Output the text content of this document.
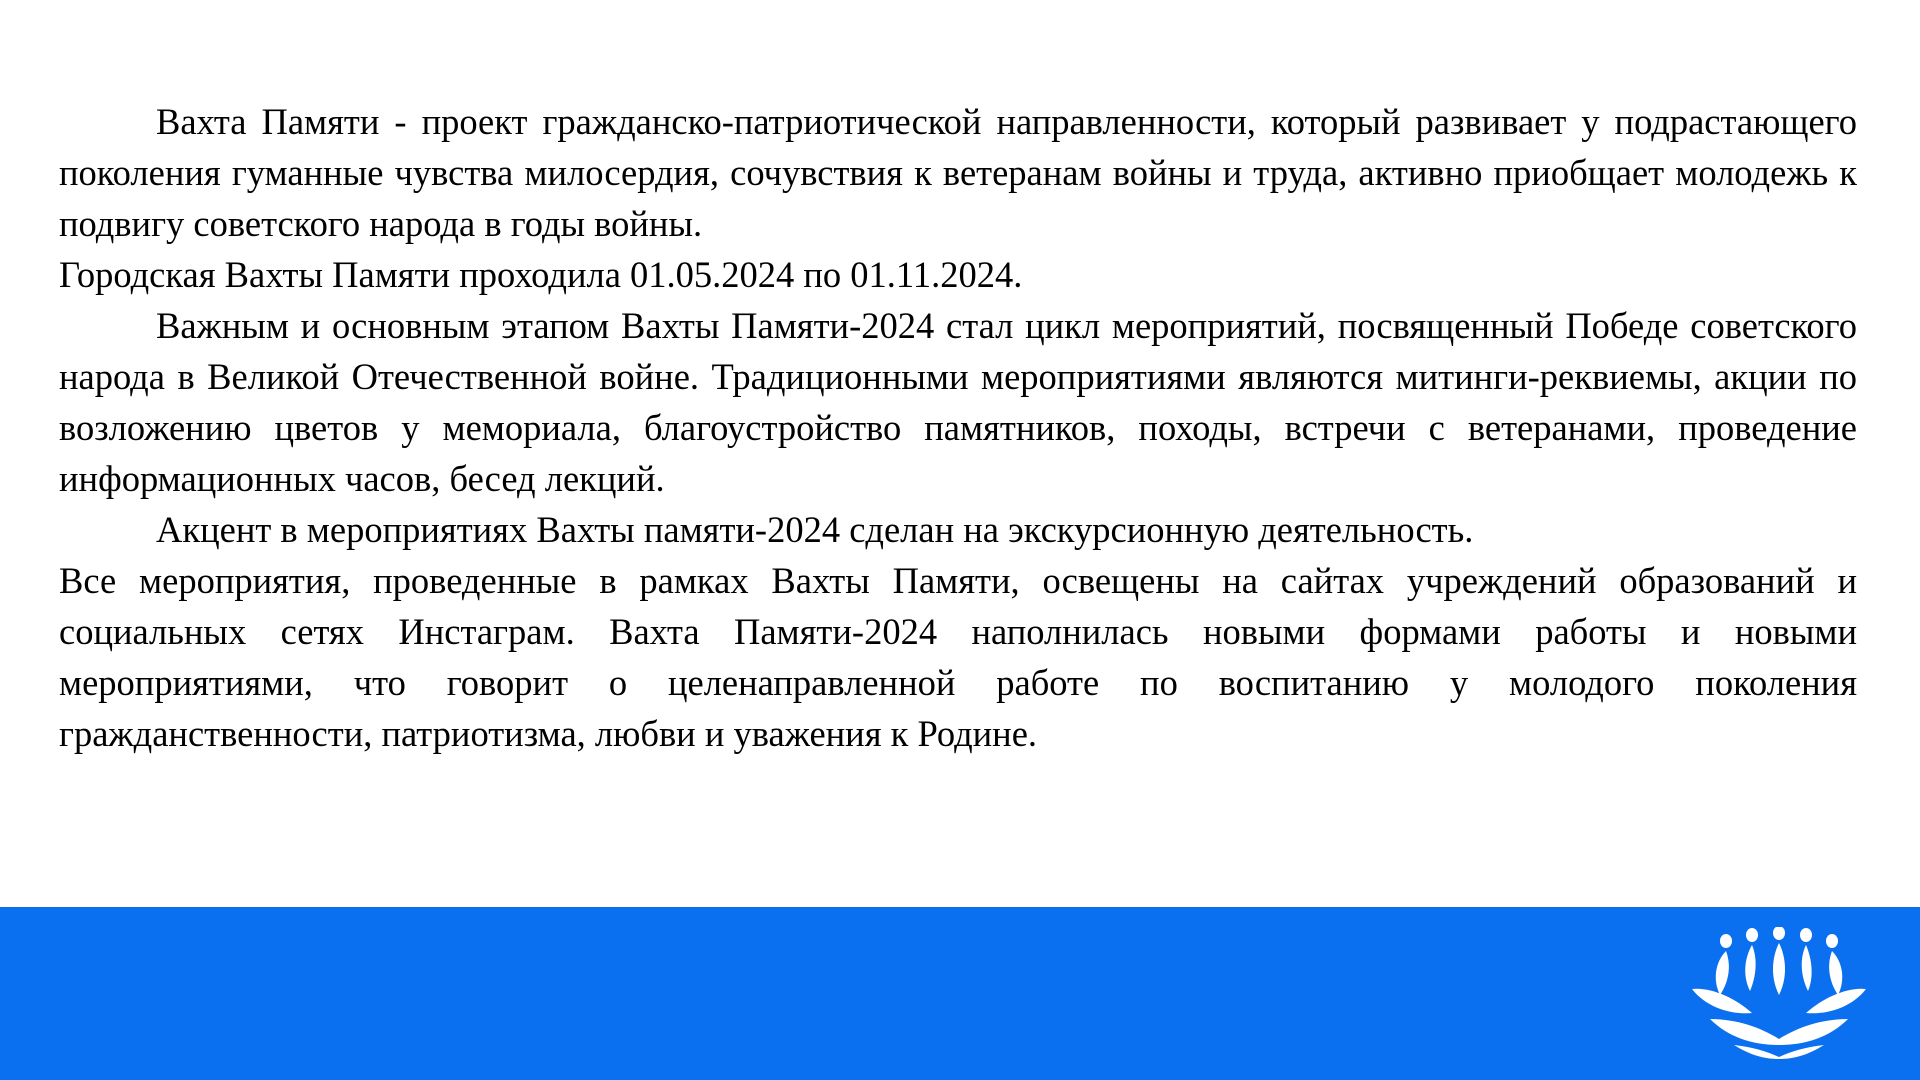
Вахта Памяти - проект гражданско-патриотической направленности, который развивает у подрастающего поколения гуманные чувства милосердия, сочувствия к ветеранам войны и труда, активно приобщает молодежь к подвигу советского народа в годы войны.

Городская Вахты Памяти проходила 01.05.2024 по 01.11.2024.

Важным и основным этапом Вахты Памяти-2024 стал цикл мероприятий, посвященный Победе советского народа в Великой Отечественной войне. Традиционными мероприятиями являются митинги-реквиемы, акции по возложению цветов у мемориала, благоустройство памятников, походы, встречи с ветеранами, проведение информационных часов, бесед лекций.

Акцент в мероприятиях Вахты памяти-2024 сделан на экскурсионную деятельность.

Все мероприятия, проведенные в рамках Вахты Памяти, освещены на сайтах учреждений образований и социальных сетях Инстаграм. Вахта Памяти-2024 наполнилась новыми формами работы и новыми мероприятиями, что говорит о целенаправленной работе по воспитанию у молодого поколения гражданственности, патриотизма, любви и уважения к Родине.
